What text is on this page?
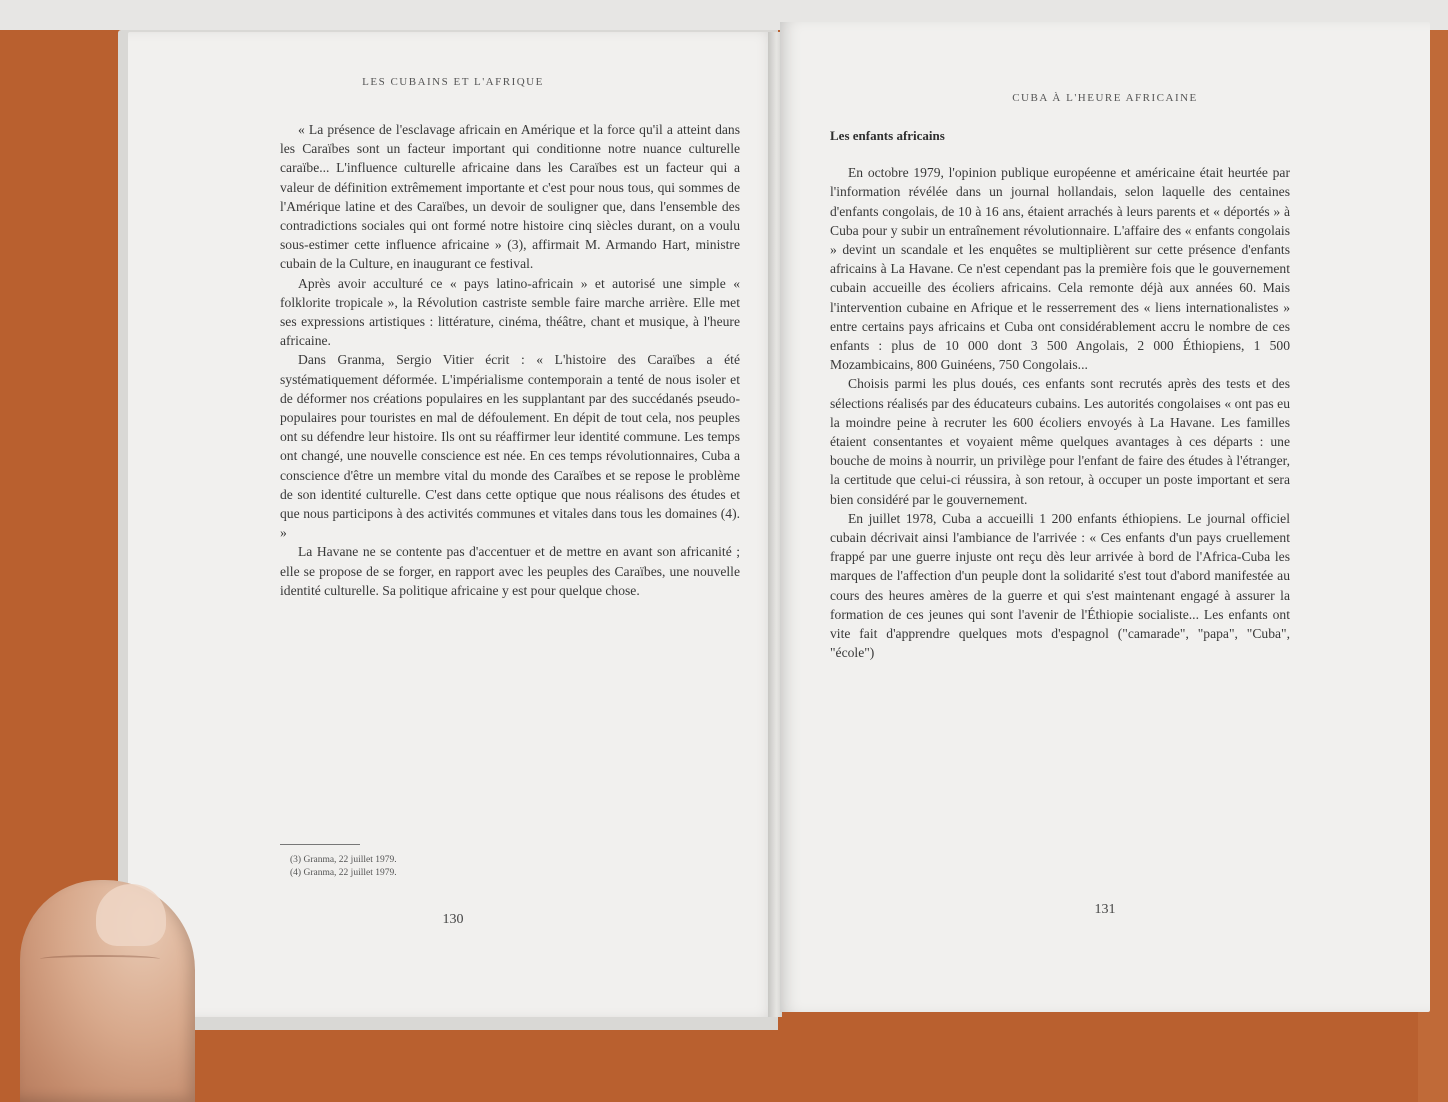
LES CUBAINS ET L'AFRIQUE

« La présence de l'esclavage africain en Amérique et la force qu'il a atteint dans les Caraïbes sont un facteur important qui conditionne notre nuance culturelle caraïbe... L'influence culturelle africaine dans les Caraïbes est un facteur qui a valeur de définition extrêmement importante et c'est pour nous tous, qui sommes de l'Amérique latine et des Caraïbes, un devoir de souligner que, dans l'ensemble des contradictions sociales qui ont formé notre histoire cinq siècles durant, on a voulu sous-estimer cette influence africaine » (3), affirmait M. Armando Hart, ministre cubain de la Culture, en inaugurant ce festival.

Après avoir acculturé ce « pays latino-africain » et autorisé une simple « folklorite tropicale », la Révolution castriste semble faire marche arrière. Elle met ses expressions artistiques : littérature, cinéma, théâtre, chant et musique, à l'heure africaine.

Dans Granma, Sergio Vitier écrit : « L'histoire des Caraïbes a été systématiquement déformée. L'impérialisme contemporain a tenté de nous isoler et de déformer nos créations populaires en les supplantant par des succédanés pseudo-populaires pour touristes en mal de défoulement. En dépit de tout cela, nos peuples ont su défendre leur histoire. Ils ont su réaffirmer leur identité commune. Les temps ont changé, une nouvelle conscience est née. En ces temps révolutionnaires, Cuba a conscience d'être un membre vital du monde des Caraïbes et se repose le problème de son identité culturelle. C'est dans cette optique que nous réalisons des études et que nous participons à des activités communes et vitales dans tous les domaines (4). »

La Havane ne se contente pas d'accentuer et de mettre en avant son africanité ; elle se propose de se forger, en rapport avec les peuples des Caraïbes, une nouvelle identité culturelle. Sa politique africaine y est pour quelque chose.

(3) Granma, 22 juillet 1979.
(4) Granma, 22 juillet 1979.
130
CUBA À L'HEURE AFRICAINE
Les enfants africains

En octobre 1979, l'opinion publique européenne et américaine était heurtée par l'information révélée dans un journal hollandais, selon laquelle des centaines d'enfants congolais, de 10 à 16 ans, étaient arrachés à leurs parents et « déportés » à Cuba pour y subir un entraînement révolutionnaire. L'affaire des « enfants congolais » devint un scandale et les enquêtes se multiplièrent sur cette présence d'enfants africains à La Havane. Ce n'est cependant pas la première fois que le gouvernement cubain accueille des écoliers africains. Cela remonte déjà aux années 60. Mais l'intervention cubaine en Afrique et le resserrement des « liens internationalistes » entre certains pays africains et Cuba ont considérablement accru le nombre de ces enfants : plus de 10 000 dont 3 500 Angolais, 2 000 Éthiopiens, 1 500 Mozambicains, 800 Guinéens, 750 Congolais...

Choisis parmi les plus doués, ces enfants sont recrutés après des tests et des sélections réalisés par des éducateurs cubains. Les autorités congolaises « ont pas eu la moindre peine à recruter les 600 écoliers envoyés à La Havane. Les familles étaient consentantes et voyaient même quelques avantages à ces départs : une bouche de moins à nourrir, un privilège pour l'enfant de faire des études à l'étranger, la certitude que celui-ci réussira, à son retour, à occuper un poste important et sera bien considéré par le gouvernement.

En juillet 1978, Cuba a accueilli 1 200 enfants éthiopiens. Le journal officiel cubain décrivait ainsi l'ambiance de l'arrivée : « Ces enfants d'un pays cruellement frappé par une guerre injuste ont reçu dès leur arrivée à bord de l'Africa-Cuba les marques de l'affection d'un peuple dont la solidarité s'est tout d'abord manifestée au cours des heures amères de la guerre et qui s'est maintenant engagé à assurer la formation de ces jeunes qui sont l'avenir de l'Éthiopie socialiste... Les enfants ont vite fait d'apprendre quelques mots d'espagnol ("camarade", "papa", "Cuba", "école")

131
